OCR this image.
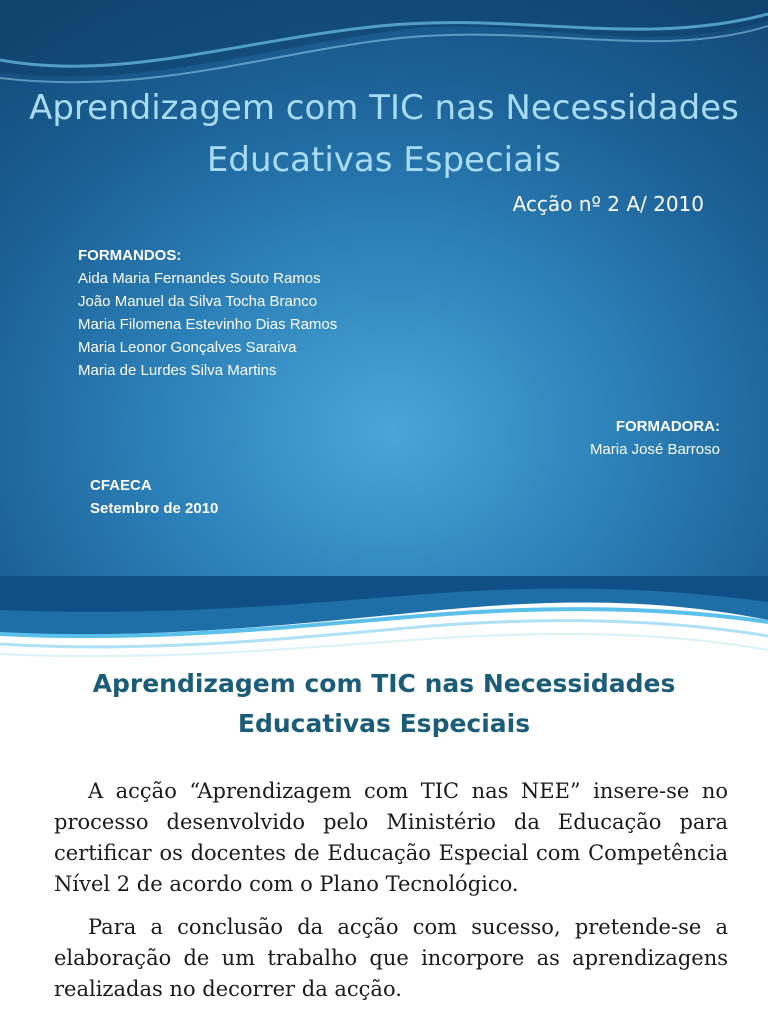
Aprendizagem com TIC nas Necessidades Educativas Especiais
Acção nº 2 A/ 2010
FORMANDOS:
Aida Maria Fernandes Souto Ramos
João Manuel da Silva Tocha Branco
Maria Filomena Estevinho Dias Ramos
Maria Leonor Gonçalves Saraiva
Maria de Lurdes Silva Martins
FORMADORA:
Maria José Barroso
CFAECA
Setembro de 2010
Aprendizagem com TIC nas Necessidades Educativas Especiais

A acção “Aprendizagem com TIC nas NEE” insere-se no processo desenvolvido pelo Ministério da Educação para certificar os docentes de Educação Especial com Competência Nível 2 de acordo com o Plano Tecnológico.

Para a conclusão da acção com sucesso, pretende-se a elaboração de um trabalho que incorpore as aprendizagens realizadas no decorrer da acção.
